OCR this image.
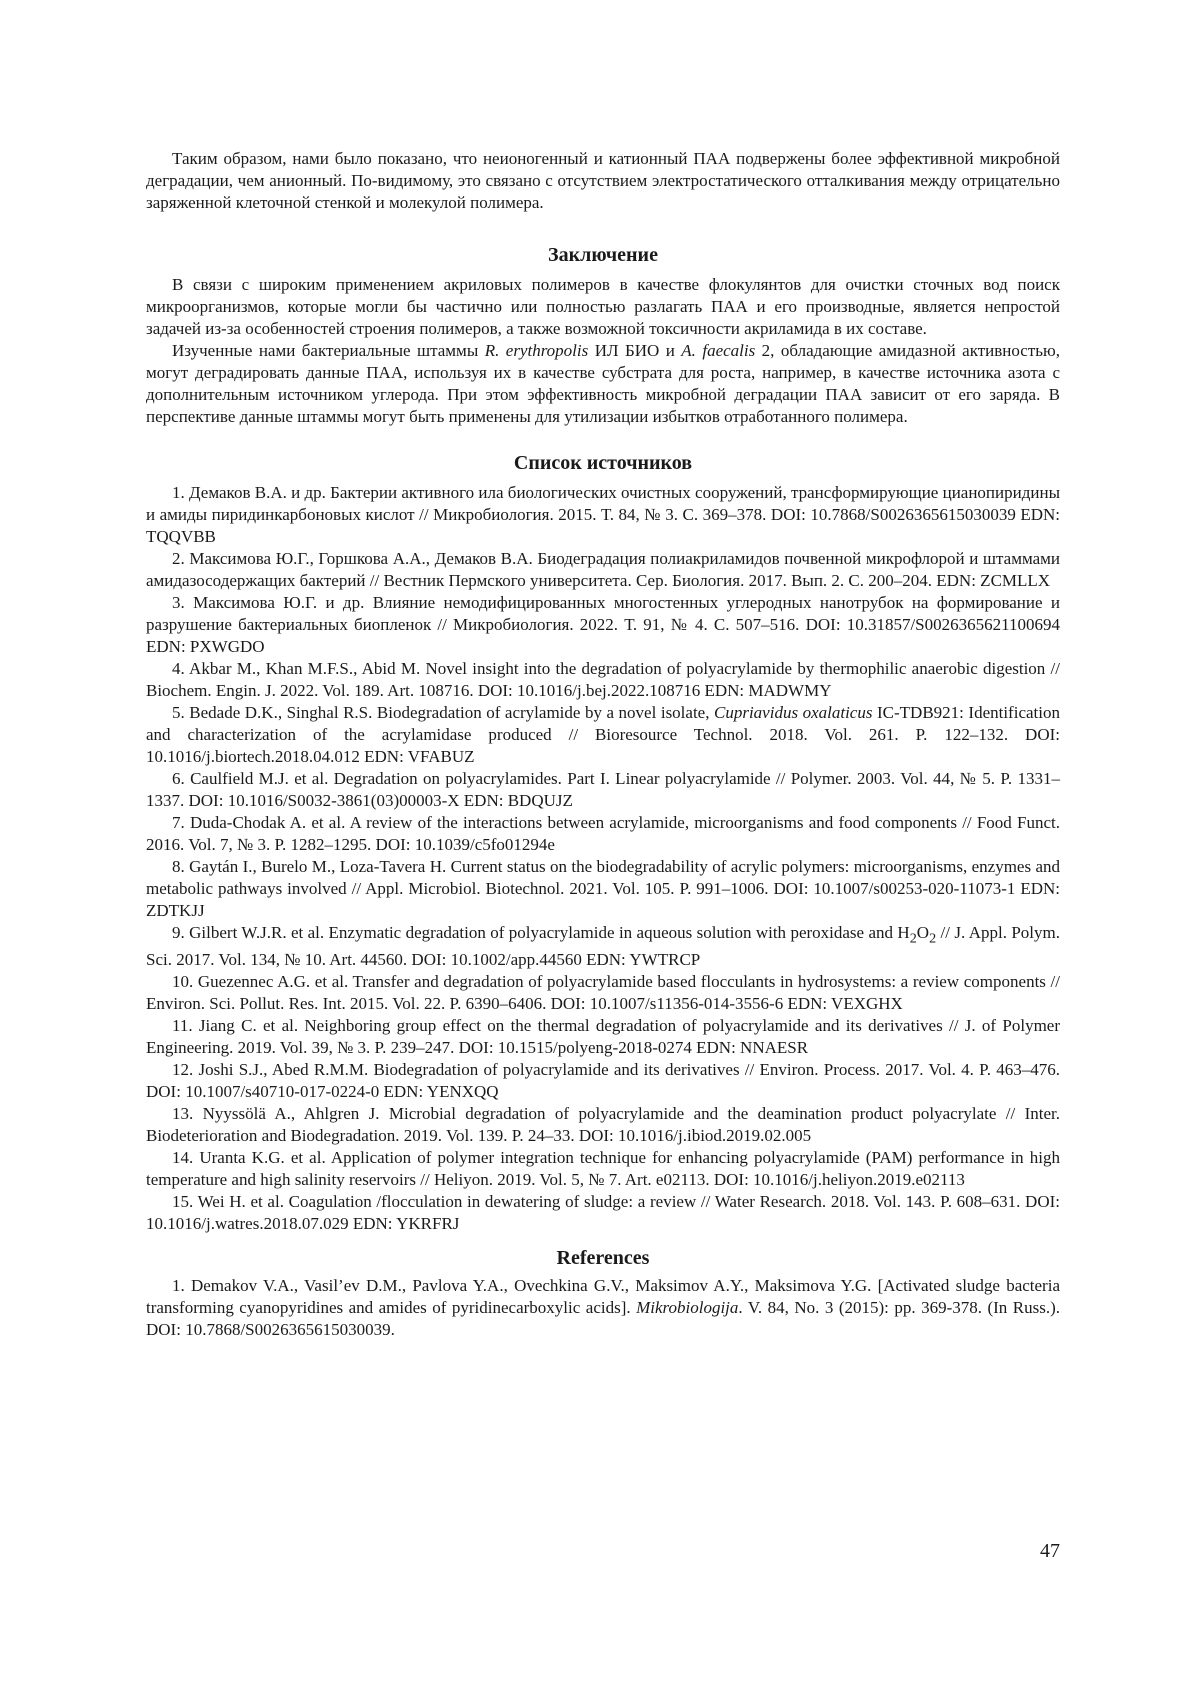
Таким образом, нами было показано, что неионогенный и катионный ПАА подвержены более эффективной микробной деградации, чем анионный. По-видимому, это связано с отсутствием электростатического отталкивания между отрицательно заряженной клеточной стенкой и молекулой полимера.

Заключение

В связи с широким применением акриловых полимеров в качестве флокулянтов для очистки сточных вод поиск микроорганизмов, которые могли бы частично или полностью разлагать ПАА и его производные, является непростой задачей из-за особенностей строения полимеров, а также возможной токсичности акриламида в их составе.

Изученные нами бактериальные штаммы R. erythropolis ИЛ БИО и A. faecalis 2, обладающие амидазной активностью, могут деградировать данные ПАА, используя их в качестве субстрата для роста, например, в качестве источника азота с дополнительным источником углерода. При этом эффективность микробной деградации ПАА зависит от его заряда. В перспективе данные штаммы могут быть применены для утилизации избытков отработанного полимера.

Список источников

1. Демаков В.А. и др. Бактерии активного ила биологических очистных сооружений, трансформирующие цианопиридины и амиды пиридинкарбоновых кислот // Микробиология. 2015. Т. 84, № 3. С. 369–378. DOI: 10.7868/S0026365615030039 EDN: TQQVBB

2. Максимова Ю.Г., Горшкова А.А., Демаков В.А. Биодеградация полиакриламидов почвенной микрофлорой и штаммами амидазосодержащих бактерий // Вестник Пермского университета. Сер. Биология. 2017. Вып. 2. С. 200–204. EDN: ZCMLLX

3. Максимова Ю.Г. и др. Влияние немодифицированных многостенных углеродных нанотрубок на формирование и разрушение бактериальных биопленок // Микробиология. 2022. Т. 91, № 4. С. 507–516. DOI: 10.31857/S0026365621100694 EDN: PXWGDO

4. Akbar M., Khan M.F.S., Abid M. Novel insight into the degradation of polyacrylamide by thermophilic anaerobic digestion // Biochem. Engin. J. 2022. Vol. 189. Art. 108716. DOI: 10.1016/j.bej.2022.108716 EDN: MADWMY

5. Bedade D.K., Singhal R.S. Biodegradation of acrylamide by a novel isolate, Cupriavidus oxalaticus IC-TDB921: Identification and characterization of the acrylamidase produced // Bioresource Technol. 2018. Vol. 261. P. 122–132. DOI: 10.1016/j.biortech.2018.04.012 EDN: VFABUZ

6. Caulfield M.J. et al. Degradation on polyacrylamides. Part I. Linear polyacrylamide // Polymer. 2003. Vol. 44, № 5. P. 1331–1337. DOI: 10.1016/S0032-3861(03)00003-X EDN: BDQUJZ

7. Duda-Chodak A. et al. A review of the interactions between acrylamide, microorganisms and food components // Food Funct. 2016. Vol. 7, № 3. P. 1282–1295. DOI: 10.1039/c5fo01294e

8. Gaytán I., Burelo M., Loza-Tavera H. Current status on the biodegradability of acrylic polymers: microorganisms, enzymes and metabolic pathways involved // Appl. Microbiol. Biotechnol. 2021. Vol. 105. P. 991–1006. DOI: 10.1007/s00253-020-11073-1 EDN: ZDTKJJ

9. Gilbert W.J.R. et al. Enzymatic degradation of polyacrylamide in aqueous solution with peroxidase and H2O2 // J. Appl. Polym. Sci. 2017. Vol. 134, № 10. Art. 44560. DOI: 10.1002/app.44560 EDN: YWTRCP

10. Guezennec A.G. et al. Transfer and degradation of polyacrylamide based flocculants in hydrosystems: a review components // Environ. Sci. Pollut. Res. Int. 2015. Vol. 22. P. 6390–6406. DOI: 10.1007/s11356-014-3556-6 EDN: VEXGHX

11. Jiang C. et al. Neighboring group effect on the thermal degradation of polyacrylamide and its derivatives // J. of Polymer Engineering. 2019. Vol. 39, № 3. P. 239–247. DOI: 10.1515/polyeng-2018-0274 EDN: NNAESR

12. Joshi S.J., Abed R.M.M. Biodegradation of polyacrylamide and its derivatives // Environ. Process. 2017. Vol. 4. P. 463–476. DOI: 10.1007/s40710-017-0224-0 EDN: YENXQQ

13. Nyyssölä A., Ahlgren J. Microbial degradation of polyacrylamide and the deamination product polyacrylate // Inter. Biodeterioration and Biodegradation. 2019. Vol. 139. P. 24–33. DOI: 10.1016/j.ibiod.2019.02.005

14. Uranta K.G. et al. Application of polymer integration technique for enhancing polyacrylamide (PAM) performance in high temperature and high salinity reservoirs // Heliyon. 2019. Vol. 5, № 7. Art. e02113. DOI: 10.1016/j.heliyon.2019.e02113

15. Wei H. et al. Coagulation /flocculation in dewatering of sludge: a review // Water Research. 2018. Vol. 143. P. 608–631. DOI: 10.1016/j.watres.2018.07.029 EDN: YKRFRJ

References

1. Demakov V.A., Vasil’ev D.M., Pavlova Y.A., Ovechkina G.V., Maksimov A.Y., Maksimova Y.G. [Activated sludge bacteria transforming cyanopyridines and amides of pyridinecarboxylic acids]. Mikrobiologija. V. 84, No. 3 (2015): pp. 369-378. (In Russ.). DOI: 10.7868/S0026365615030039.

47
